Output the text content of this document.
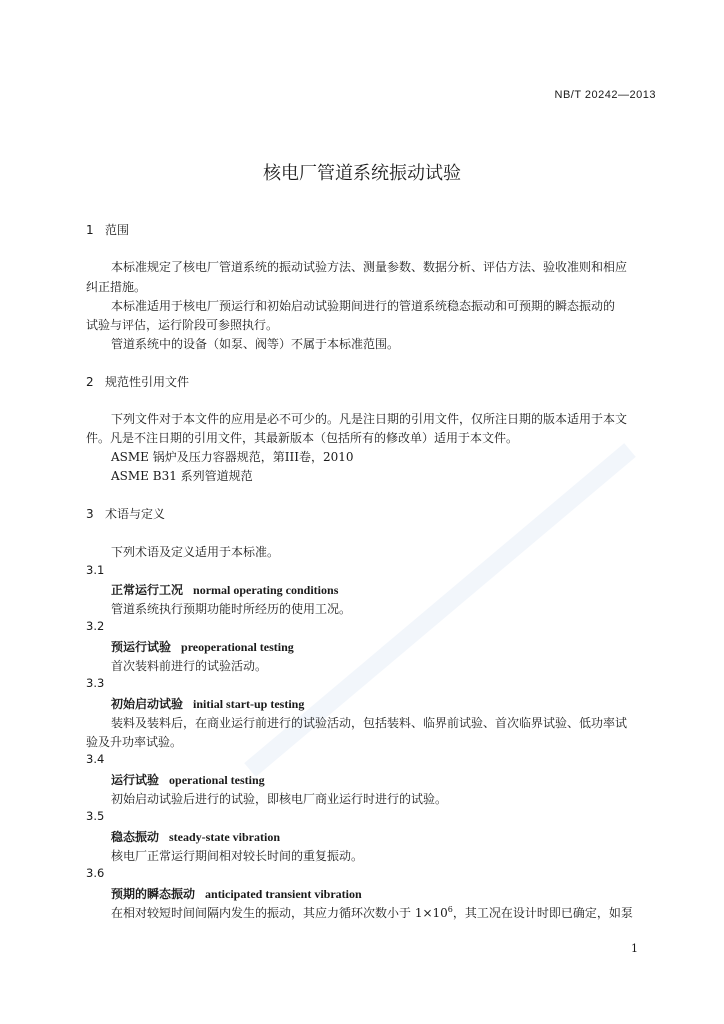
NB/T 20242—2013
核电厂管道系统振动试验
1 范围
本标准规定了核电厂管道系统的振动试验方法、测量参数、数据分析、评估方法、验收准则和相应
纠正措施。
本标准适用于核电厂预运行和初始启动试验期间进行的管道系统稳态振动和可预期的瞬态振动的
试验与评估，运行阶段可参照执行。
管道系统中的设备（如泵、阀等）不属于本标准范围。
2 规范性引用文件
下列文件对于本文件的应用是必不可少的。凡是注日期的引用文件，仅所注日期的版本适用于本文
件。凡是不注日期的引用文件，其最新版本（包括所有的修改单）适用于本文件。
ASME 锅炉及压力容器规范，第III卷，2010
ASME B31 系列管道规范
3 术语与定义
下列术语及定义适用于本标准。
3.1
正常运行工况 normal operating conditions
管道系统执行预期功能时所经历的使用工况。
3.2
预运行试验 preoperational testing
首次装料前进行的试验活动。
3.3
初始启动试验 initial start-up testing
装料及装料后，在商业运行前进行的试验活动，包括装料、临界前试验、首次临界试验、低功率试
验及升功率试验。
3.4
运行试验 operational testing
初始启动试验后进行的试验，即核电厂商业运行时进行的试验。
3.5
稳态振动 steady-state vibration
核电厂正常运行期间相对较长时间的重复振动。
3.6
预期的瞬态振动 anticipated transient vibration
在相对较短时间间隔内发生的振动，其应力循环次数小于 $1\times 10^6$，其工况在设计时即已确定，如泵
1
